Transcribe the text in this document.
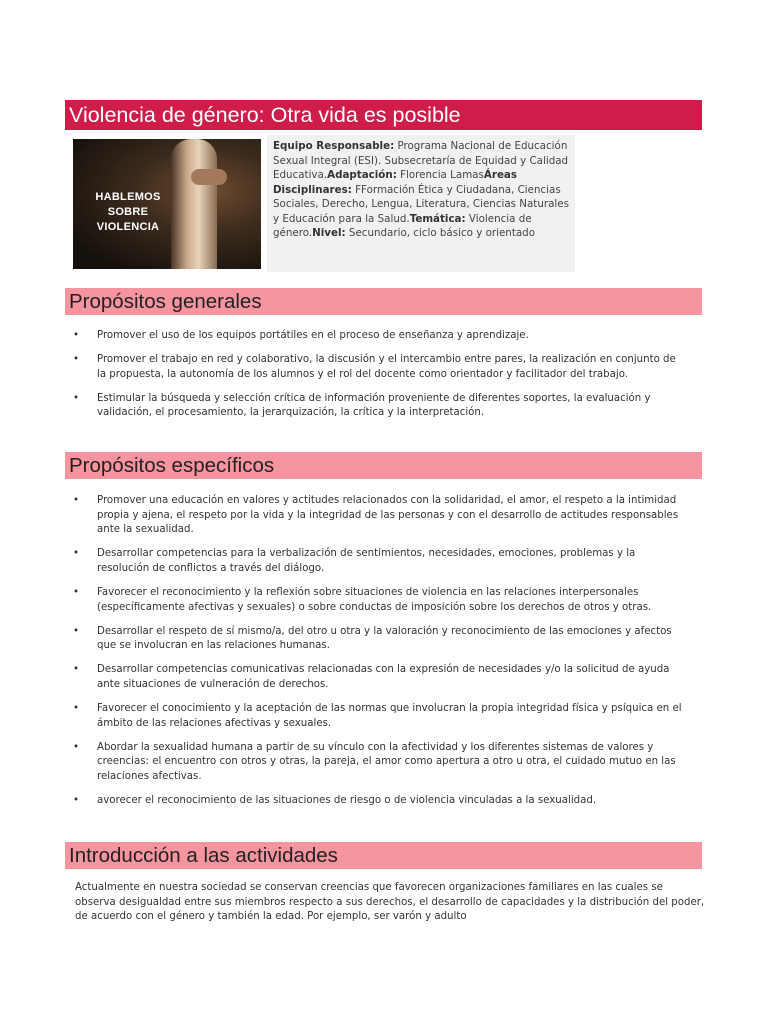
Violencia de género: Otra vida es posible
HABLEMOS
SOBRE
VIOLENCIA
Equipo Responsable: Programa Nacional de Educación Sexual Integral (ESI). Subsecretaría de Equidad y Calidad Educativa.Adaptación: Florencia LamasÁreas Disciplinares: FFormación Ética y Ciudadana, Ciencias Sociales, Derecho, Lengua, Literatura, Ciencias Naturales y Educación para la Salud.Temática: Violencia de género.Nivel: Secundario, ciclo básico y orientado
Propósitos generales
• Promover el uso de los equipos portátiles en el proceso de enseñanza y aprendizaje.
• Promover el trabajo en red y colaborativo, la discusión y el intercambio entre pares, la realización en conjunto de la propuesta, la autonomía de los alumnos y el rol del docente como orientador y facilitador del trabajo.
• Estimular la búsqueda y selección crítica de información proveniente de diferentes soportes, la evaluación y validación, el procesamiento, la jerarquización, la crítica y la interpretación.
Propósitos específicos
• Promover una educación en valores y actitudes relacionados con la solidaridad, el amor, el respeto a la intimidad propia y ajena, el respeto por la vida y la integridad de las personas y con el desarrollo de actitudes responsables ante la sexualidad.
• Desarrollar competencias para la verbalización de sentimientos, necesidades, emociones, problemas y la resolución de conflictos a través del diálogo.
• Favorecer el reconocimiento y la reflexión sobre situaciones de violencia en las relaciones interpersonales (específicamente afectivas y sexuales) o sobre conductas de imposición sobre los derechos de otros y otras.
• Desarrollar el respeto de sí mismo/a, del otro u otra y la valoración y reconocimiento de las emociones y afectos que se involucran en las relaciones humanas.
• Desarrollar competencias comunicativas relacionadas con la expresión de necesidades y/o la solicitud de ayuda ante situaciones de vulneración de derechos.
• Favorecer el conocimiento y la aceptación de las normas que involucran la propia integridad física y psíquica en el ámbito de las relaciones afectivas y sexuales.
• Abordar la sexualidad humana a partir de su vínculo con la afectividad y los diferentes sistemas de valores y creencias: el encuentro con otros y otras, la pareja, el amor como apertura a otro u otra, el cuidado mutuo en las relaciones afectivas.
• avorecer el reconocimiento de las situaciones de riesgo o de violencia vinculadas a la sexualidad.
Introducción a las actividades

Actualmente en nuestra sociedad se conservan creencias que favorecen organizaciones familiares en las cuales se observa desigualdad entre sus miembros respecto a sus derechos, el desarrollo de capacidades y la distribución del poder, de acuerdo con el género y también la edad. Por ejemplo, ser varón y adulto
